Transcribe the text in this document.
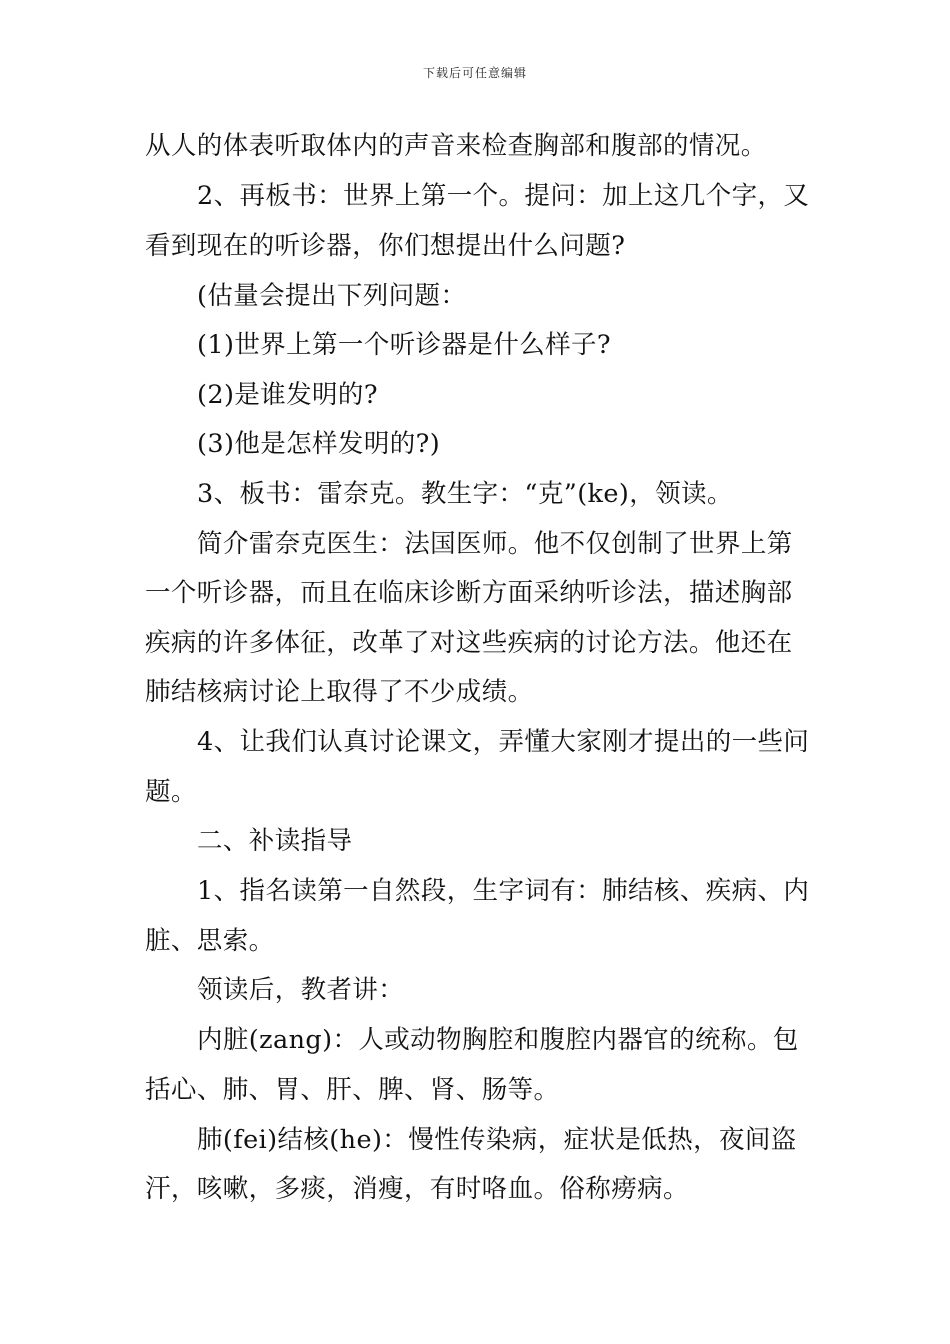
下载后可任意编辑
从人的体表听取体内的声音来检查胸部和腹部的情况。
2、再板书：世界上第一个。提问：加上这几个字，又
看到现在的听诊器，你们想提出什么问题?
(估量会提出下列问题：
(1)世界上第一个听诊器是什么样子?
(2)是谁发明的?
(3)他是怎样发明的?)
3、板书：雷奈克。教生字：“克”(ke)，领读。
简介雷奈克医生：法国医师。他不仅创制了世界上第
一个听诊器，而且在临床诊断方面采纳听诊法，描述胸部
疾病的许多体征，改革了对这些疾病的讨论方法。他还在
肺结核病讨论上取得了不少成绩。
4、让我们认真讨论课文，弄懂大家刚才提出的一些问
题。
二、补读指导
1、指名读第一自然段，生字词有：肺结核、疾病、内
脏、思索。
领读后，教者讲：
内脏(zang)：人或动物胸腔和腹腔内器官的统称。包
括心、肺、胃、肝、脾、肾、肠等。
肺(fei)结核(he)：慢性传染病，症状是低热，夜间盗
汗，咳嗽，多痰，消瘦，有时咯血。俗称痨病。
